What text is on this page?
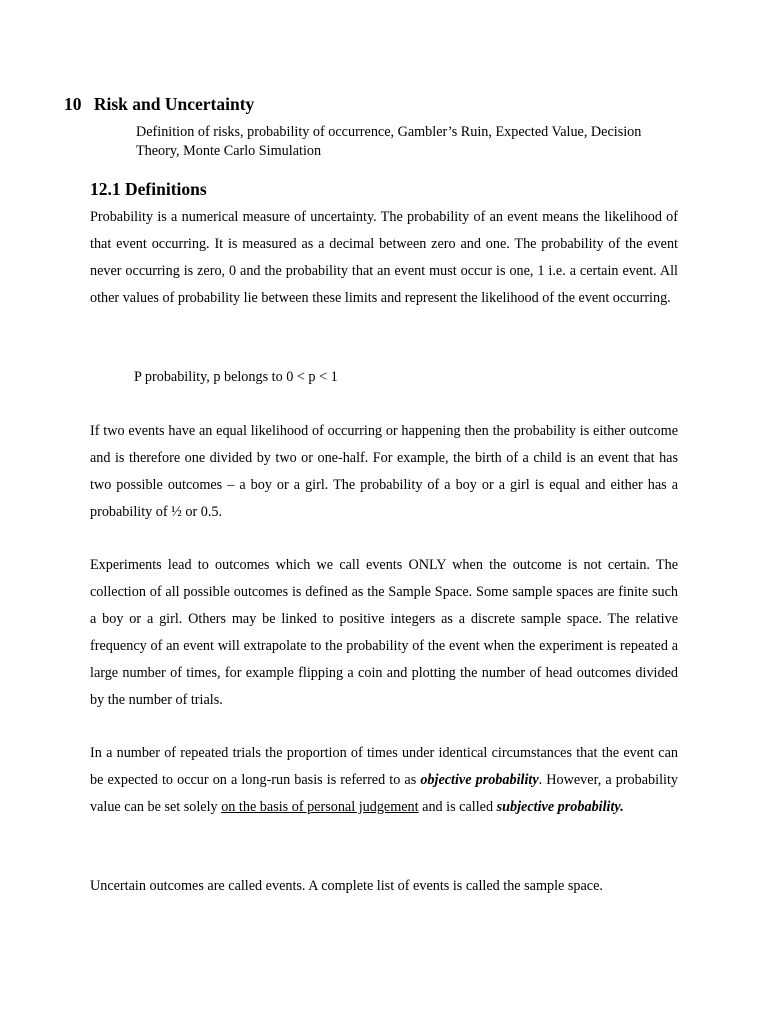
10 Risk and Uncertainty
Definition of risks, probability of occurrence, Gambler’s Ruin, Expected Value, Decision Theory, Monte Carlo Simulation
12.1 Definitions

Probability is a numerical measure of uncertainty. The probability of an event means the likelihood of that event occurring. It is measured as a decimal between zero and one. The probability of the event never occurring is zero, 0 and the probability that an event must occur is one, 1 i.e. a certain event. All other values of probability lie between these limits and represent the likelihood of the event occurring.

P probability, p belongs to 0 < p < 1

If two events have an equal likelihood of occurring or happening then the probability is either outcome and is therefore one divided by two or one-half. For example, the birth of a child is an event that has two possible outcomes – a boy or a girl. The probability of a boy or a girl is equal and either has a probability of ½ or 0.5.

Experiments lead to outcomes which we call events ONLY when the outcome is not certain. The collection of all possible outcomes is defined as the Sample Space. Some sample spaces are finite such a boy or a girl. Others may be linked to positive integers as a discrete sample space. The relative frequency of an event will extrapolate to the probability of the event when the experiment is repeated a large number of times, for example flipping a coin and plotting the number of head outcomes divided by the number of trials.

In a number of repeated trials the proportion of times under identical circumstances that the event can be expected to occur on a long-run basis is referred to as objective probability. However, a probability value can be set solely on the basis of personal judgement and is called subjective probability.

Uncertain outcomes are called events. A complete list of events is called the sample space.
